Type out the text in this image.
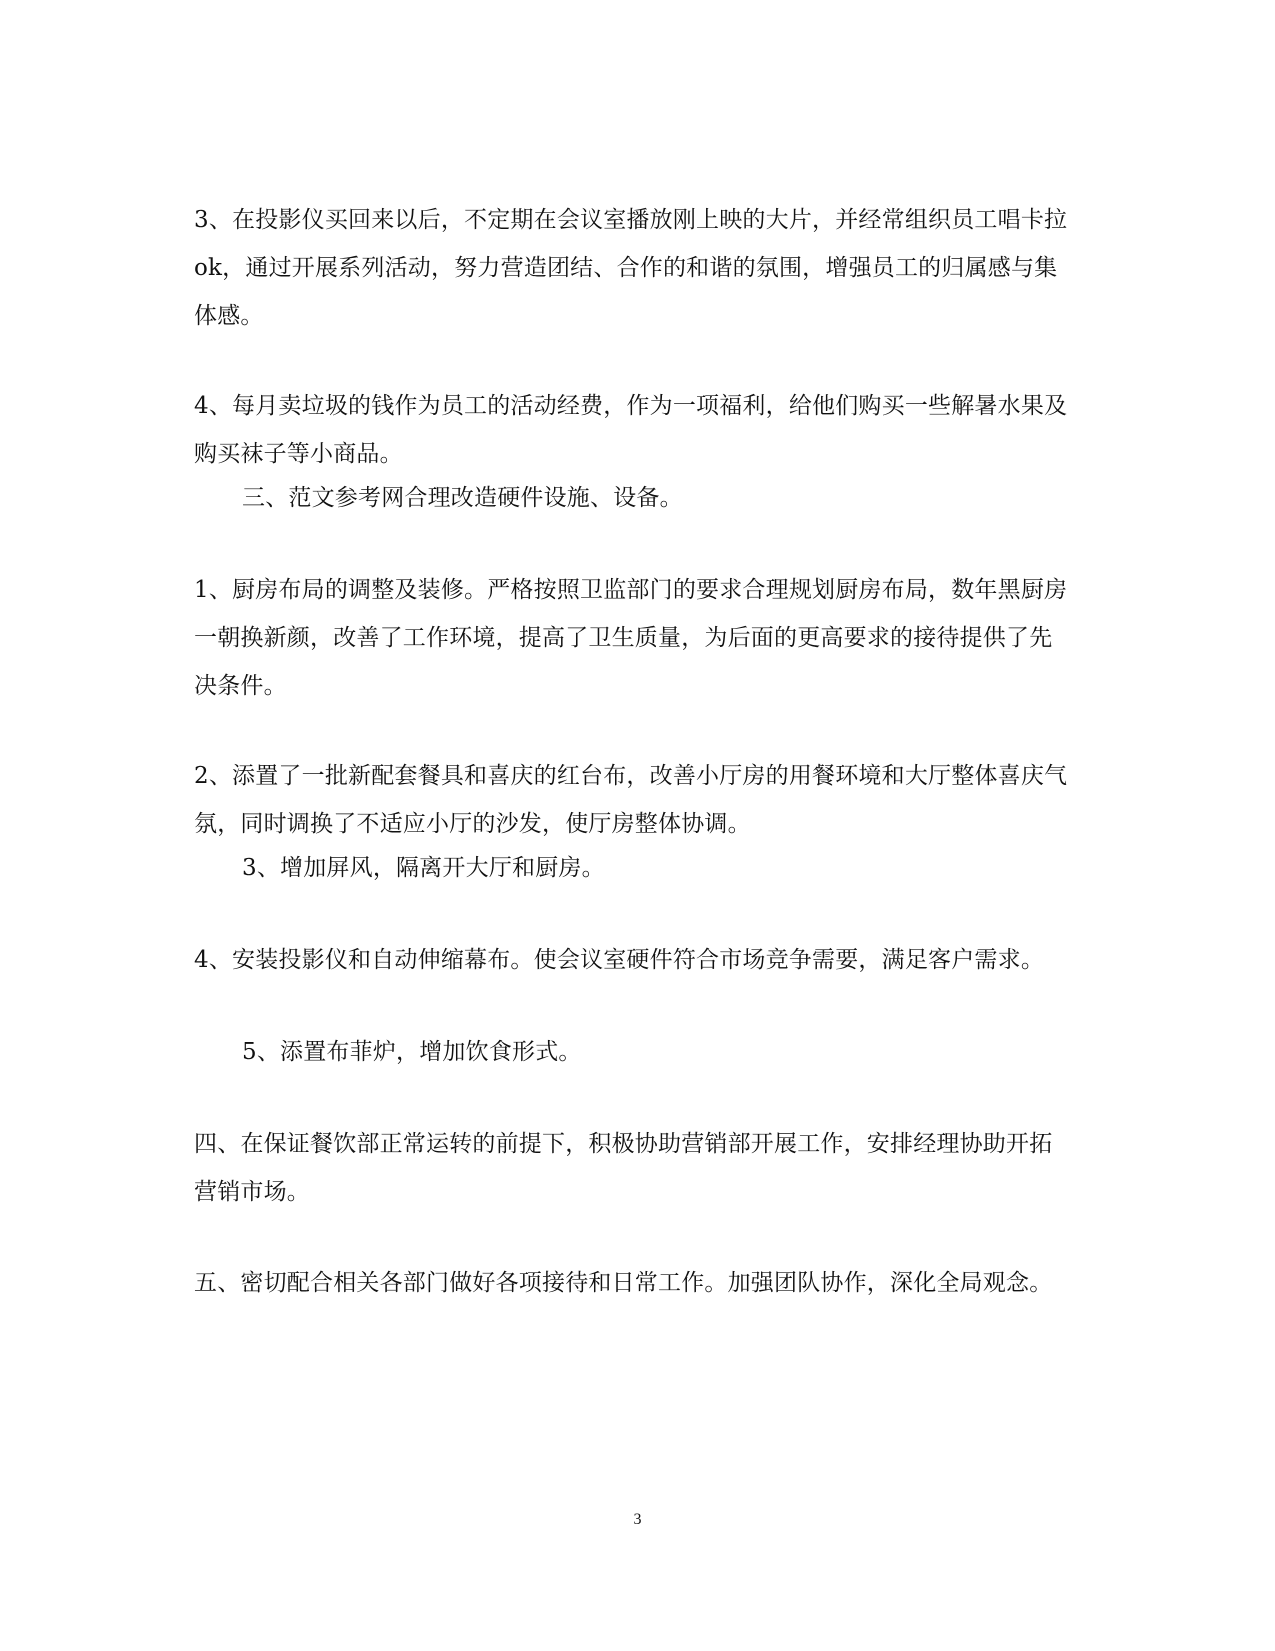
3、在投影仪买回来以后，不定期在会议室播放刚上映的大片，并经常组织员工唱卡拉ok，通过开展系列活动，努力营造团结、合作的和谐的氛围，增强员工的归属感与集体感。

4、每月卖垃圾的钱作为员工的活动经费，作为一项福利，给他们购买一些解暑水果及购买袜子等小商品。

三、范文参考网合理改造硬件设施、设备。

1、厨房布局的调整及装修。严格按照卫监部门的要求合理规划厨房布局，数年黑厨房一朝换新颜，改善了工作环境，提高了卫生质量，为后面的更高要求的接待提供了先决条件。

2、添置了一批新配套餐具和喜庆的红台布，改善小厅房的用餐环境和大厅整体喜庆气氛，同时调换了不适应小厅的沙发，使厅房整体协调。

3、增加屏风，隔离开大厅和厨房。

4、安装投影仪和自动伸缩幕布。使会议室硬件符合市场竞争需要，满足客户需求。

5、添置布菲炉，增加饮食形式。

四、在保证餐饮部正常运转的前提下，积极协助营销部开展工作，安排经理协助开拓营销市场。

五、密切配合相关各部门做好各项接待和日常工作。加强团队协作，深化全局观念。

3
